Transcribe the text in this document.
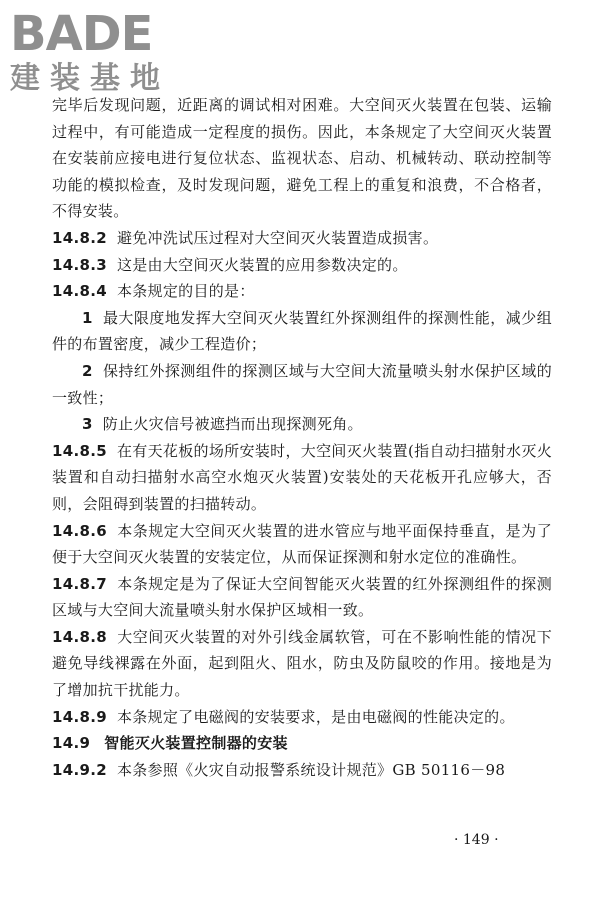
BADE
建装基地

完毕后发现问题，近距离的调试相对困难。大空间灭火装置在包装、运输过程中，有可能造成一定程度的损伤。因此，本条规定了大空间灭火装置在安装前应接电进行复位状态、监视状态、启动、机械转动、联动控制等功能的模拟检查，及时发现问题，避免工程上的重复和浪费，不合格者，不得安装。

14.8.2 避免冲洗试压过程对大空间灭火装置造成损害。

14.8.3 这是由大空间灭火装置的应用参数决定的。

14.8.4 本条规定的目的是：

1 最大限度地发挥大空间灭火装置红外探测组件的探测性能，减少组件的布置密度，减少工程造价；

2 保持红外探测组件的探测区域与大空间大流量喷头射水保护区域的一致性；

3 防止火灾信号被遮挡而出现探测死角。

14.8.5 在有天花板的场所安装时，大空间灭火装置(指自动扫描射水灭火装置和自动扫描射水高空水炮灭火装置)安装处的天花板开孔应够大，否则，会阻碍到装置的扫描转动。

14.8.6 本条规定大空间灭火装置的进水管应与地平面保持垂直，是为了便于大空间灭火装置的安装定位，从而保证探测和射水定位的准确性。

14.8.7 本条规定是为了保证大空间智能灭火装置的红外探测组件的探测区域与大空间大流量喷头射水保护区域相一致。

14.8.8 大空间灭火装置的对外引线金属软管，可在不影响性能的情况下避免导线裸露在外面，起到阻火、阻水，防虫及防鼠咬的作用。接地是为了增加抗干扰能力。

14.8.9 本条规定了电磁阀的安装要求，是由电磁阀的性能决定的。

14.9 智能灭火装置控制器的安装

14.9.2 本条参照《火灾自动报警系统设计规范》GB 50116－98

· 149 ·
